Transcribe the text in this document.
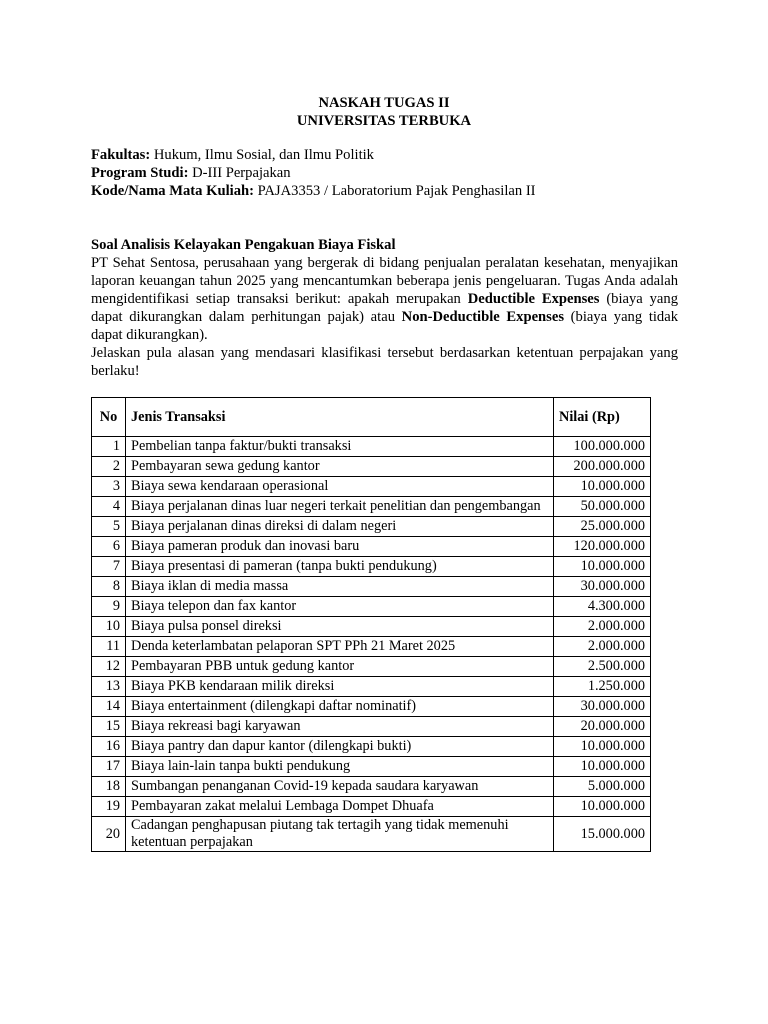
NASKAH TUGAS II
UNIVERSITAS TERBUKA
Fakultas: Hukum, Ilmu Sosial, dan Ilmu Politik
Program Studi: D-III Perpajakan
Kode/Nama Mata Kuliah: PAJA3353 / Laboratorium Pajak Penghasilan II
Soal Analisis Kelayakan Pengakuan Biaya Fiskal

PT Sehat Sentosa, perusahaan yang bergerak di bidang penjualan peralatan kesehatan, menyajikan laporan keuangan tahun 2025 yang mencantumkan beberapa jenis pengeluaran. Tugas Anda adalah mengidentifikasi setiap transaksi berikut: apakah merupakan Deductible Expenses (biaya yang dapat dikurangkan dalam perhitungan pajak) atau Non-Deductible Expenses (biaya yang tidak dapat dikurangkan).

Jelaskan pula alasan yang mendasari klasifikasi tersebut berdasarkan ketentuan perpajakan yang berlaku!

No	Jenis Transaksi	Nilai (Rp)
1	Pembelian tanpa faktur/bukti transaksi	100.000.000
2	Pembayaran sewa gedung kantor	200.000.000
3	Biaya sewa kendaraan operasional	10.000.000
4	Biaya perjalanan dinas luar negeri terkait penelitian dan pengembangan	50.000.000
5	Biaya perjalanan dinas direksi di dalam negeri	25.000.000
6	Biaya pameran produk dan inovasi baru	120.000.000
7	Biaya presentasi di pameran (tanpa bukti pendukung)	10.000.000
8	Biaya iklan di media massa	30.000.000
9	Biaya telepon dan fax kantor	4.300.000
10	Biaya pulsa ponsel direksi	2.000.000
11	Denda keterlambatan pelaporan SPT PPh 21 Maret 2025	2.000.000
12	Pembayaran PBB untuk gedung kantor	2.500.000
13	Biaya PKB kendaraan milik direksi	1.250.000
14	Biaya entertainment (dilengkapi daftar nominatif)	30.000.000
15	Biaya rekreasi bagi karyawan	20.000.000
16	Biaya pantry dan dapur kantor (dilengkapi bukti)	10.000.000
17	Biaya lain-lain tanpa bukti pendukung	10.000.000
18	Sumbangan penanganan Covid-19 kepada saudara karyawan	5.000.000
19	Pembayaran zakat melalui Lembaga Dompet Dhuafa	10.000.000
20	Cadangan penghapusan piutang tak tertagih yang tidak memenuhi ketentuan perpajakan	15.000.000
